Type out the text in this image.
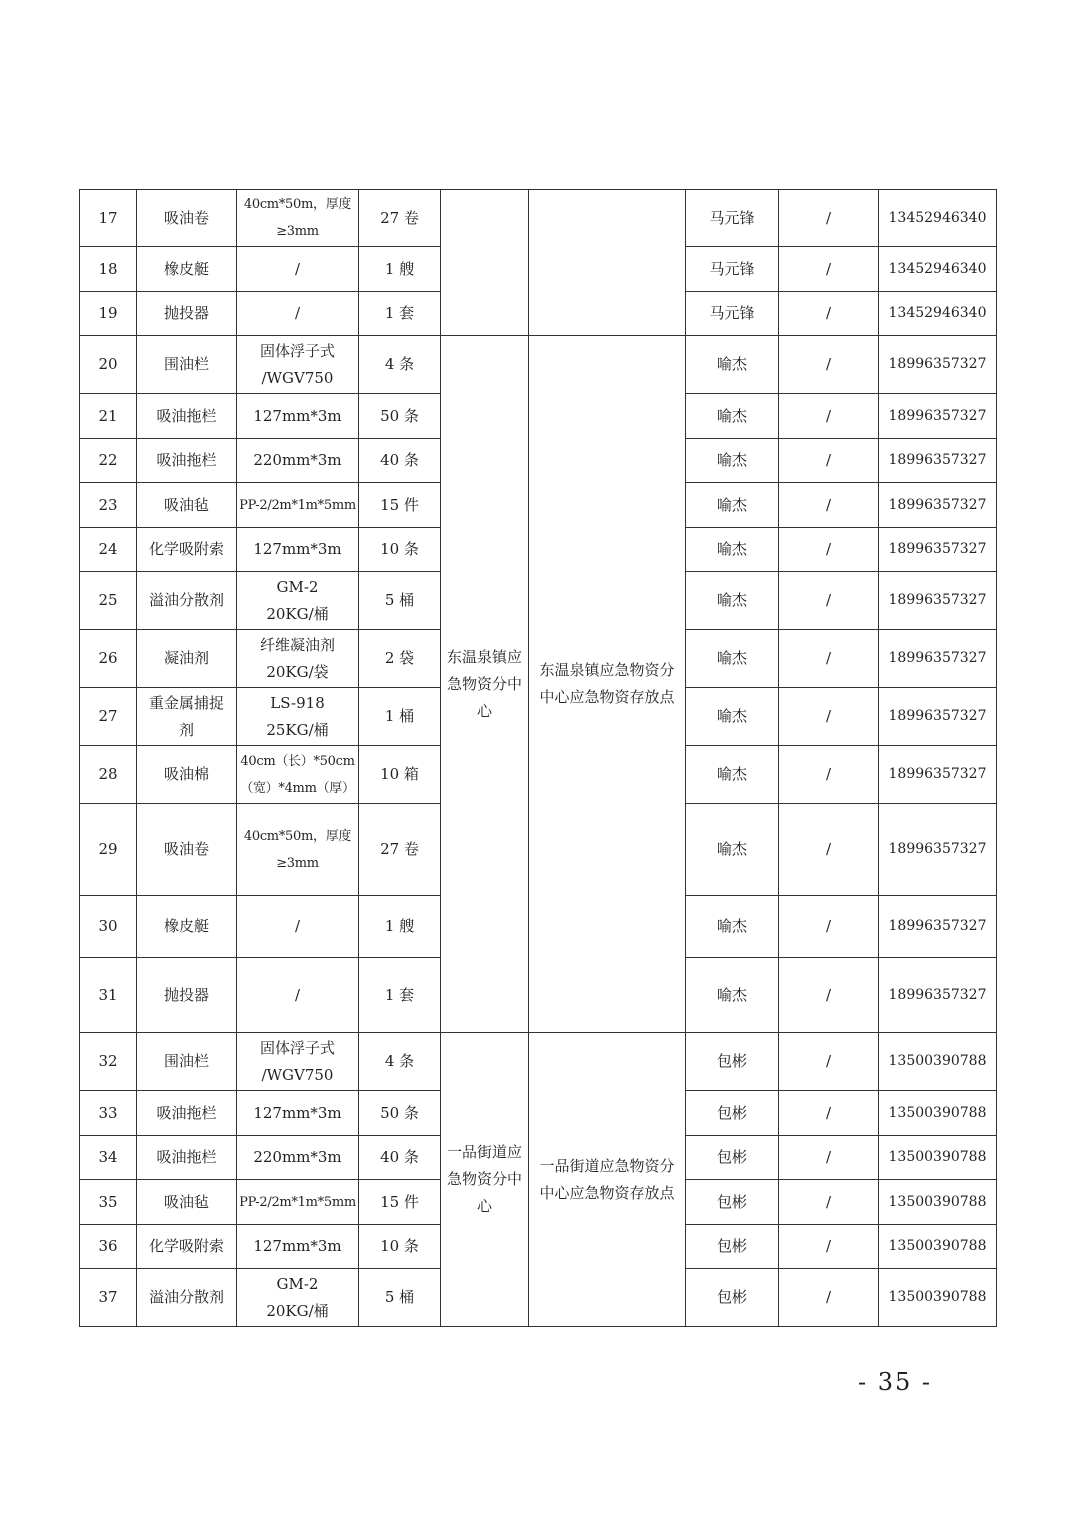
17	吸油卷	40cm*50m，厚度
≥3mm	27 卷			马元锋	/	13452946340
18	橡皮艇	/	1 艘			马元锋	/	13452946340
19	抛投器	/	1 套			马元锋	/	13452946340
20	围油栏	固体浮子式
/WGV750	4 条	东温泉镇应
急物资分中
心	东温泉镇应急物资分
中心应急物资存放点	喻杰	/	18996357327
21	吸油拖栏	127mm*3m	50 条			喻杰	/	18996357327
22	吸油拖栏	220mm*3m	40 条			喻杰	/	18996357327
23	吸油毡	PP-2/2m*1m*5mm	15 件			喻杰	/	18996357327
24	化学吸附索	127mm*3m	10 条			喻杰	/	18996357327
25	溢油分散剂	GM-2
20KG/桶	5 桶			喻杰	/	18996357327
26	凝油剂	纤维凝油剂
20KG/袋	2 袋			喻杰	/	18996357327
27	重金属捕捉
剂	LS-918
25KG/桶	1 桶			喻杰	/	18996357327
28	吸油棉	40cm（长）*50cm
（宽）*4mm（厚）	10 箱			喻杰	/	18996357327
29	吸油卷	40cm*50m，厚度
≥3mm	27 卷			喻杰	/	18996357327
30	橡皮艇	/	1 艘			喻杰	/	18996357327
31	抛投器	/	1 套			喻杰	/	18996357327
32	围油栏	固体浮子式
/WGV750	4 条	一品街道应
急物资分中
心	一品街道应急物资分
中心应急物资存放点	包彬	/	13500390788
33	吸油拖栏	127mm*3m	50 条			包彬	/	13500390788
34	吸油拖栏	220mm*3m	40 条			包彬	/	13500390788
35	吸油毡	PP-2/2m*1m*5mm	15 件			包彬	/	13500390788
36	化学吸附索	127mm*3m	10 条			包彬	/	13500390788
37	溢油分散剂	GM-2
20KG/桶	5 桶			包彬	/	13500390788
- 35 -
